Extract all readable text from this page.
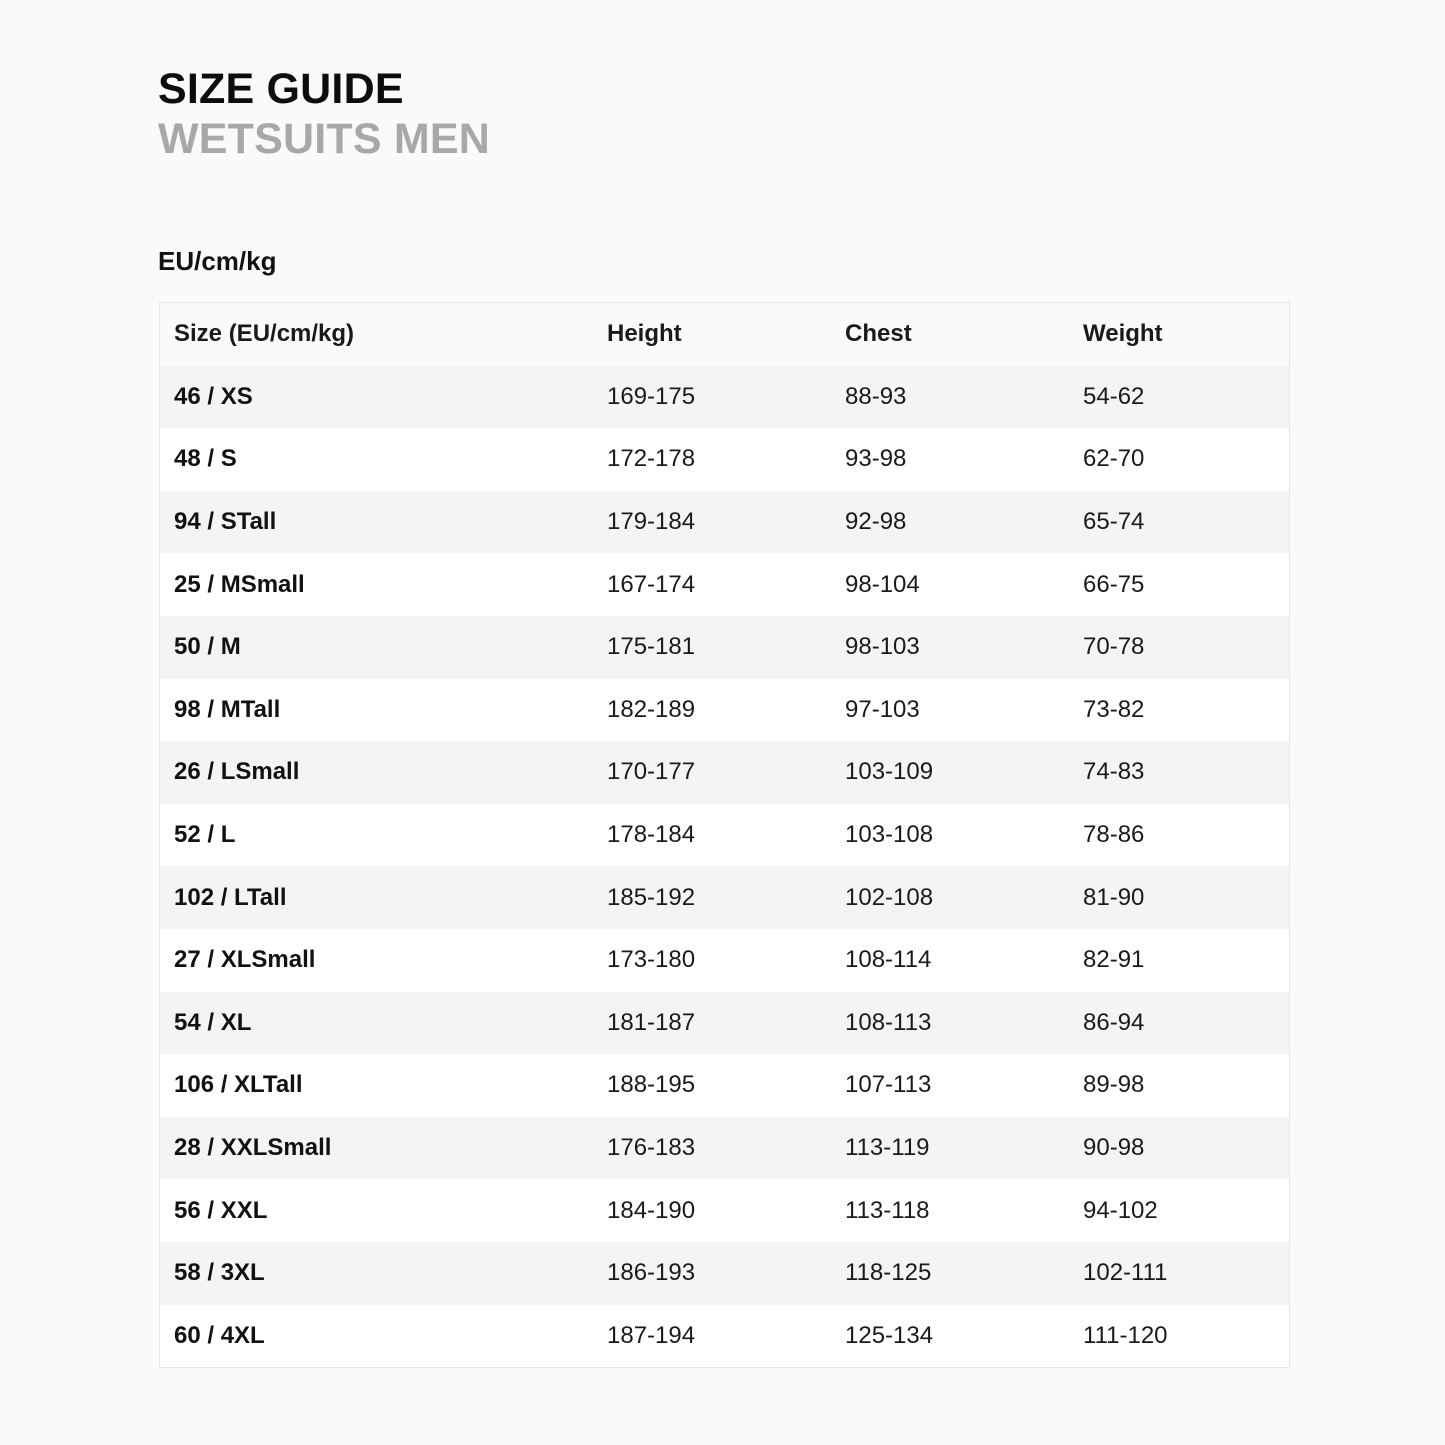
SIZE GUIDE
WETSUITS MEN
EU/cm/kg
Size (EU/cm/kg)	Height	Chest	Weight
46 / XS	169-175	88-93	54-62
48 / S	172-178	93-98	62-70
94 / STall	179-184	92-98	65-74
25 / MSmall	167-174	98-104	66-75
50 / M	175-181	98-103	70-78
98 / MTall	182-189	97-103	73-82
26 / LSmall	170-177	103-109	74-83
52 / L	178-184	103-108	78-86
102 / LTall	185-192	102-108	81-90
27 / XLSmall	173-180	108-114	82-91
54 / XL	181-187	108-113	86-94
106 / XLTall	188-195	107-113	89-98
28 / XXLSmall	176-183	113-119	90-98
56 / XXL	184-190	113-118	94-102
58 / 3XL	186-193	118-125	102-111
60 / 4XL	187-194	125-134	111-120
